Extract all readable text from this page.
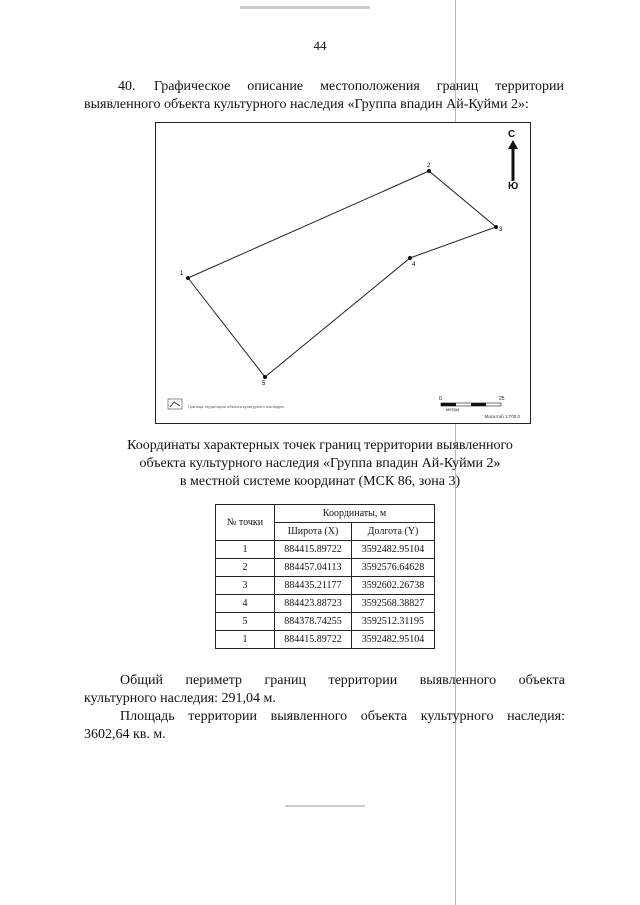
44
40. Графическое описание местоположения границ территории выявленного объекта культурного наследия «Группа впадин Ай-Куйми 2»:
1
2
3
4
5
С
Ю
Граница территории объекта культурного наследия
0	25
метры
Масштаб 1:700.0
Координаты характерных точек границ территории выявленного
объекта культурного наследия «Группа впадин Ай-Куйми 2»
в местной системе координат (МСК 86, зона 3)
№ точки	Координаты, м	
	Широта (X)	Долгота (Y)
1	884415.89722	3592482.95104
2	884457.04113	3592576.64628
3	884435.21177	3592602.26738
4	884423.88723	3592568.38827
5	884378.74255	3592512.31195
1	884415.89722	3592482.95104
Общий периметр границ территории выявленного объекта
культурного наследия: 291,04 м.
Площадь территории выявленного объекта культурного наследия:
3602,64 кв. м.
